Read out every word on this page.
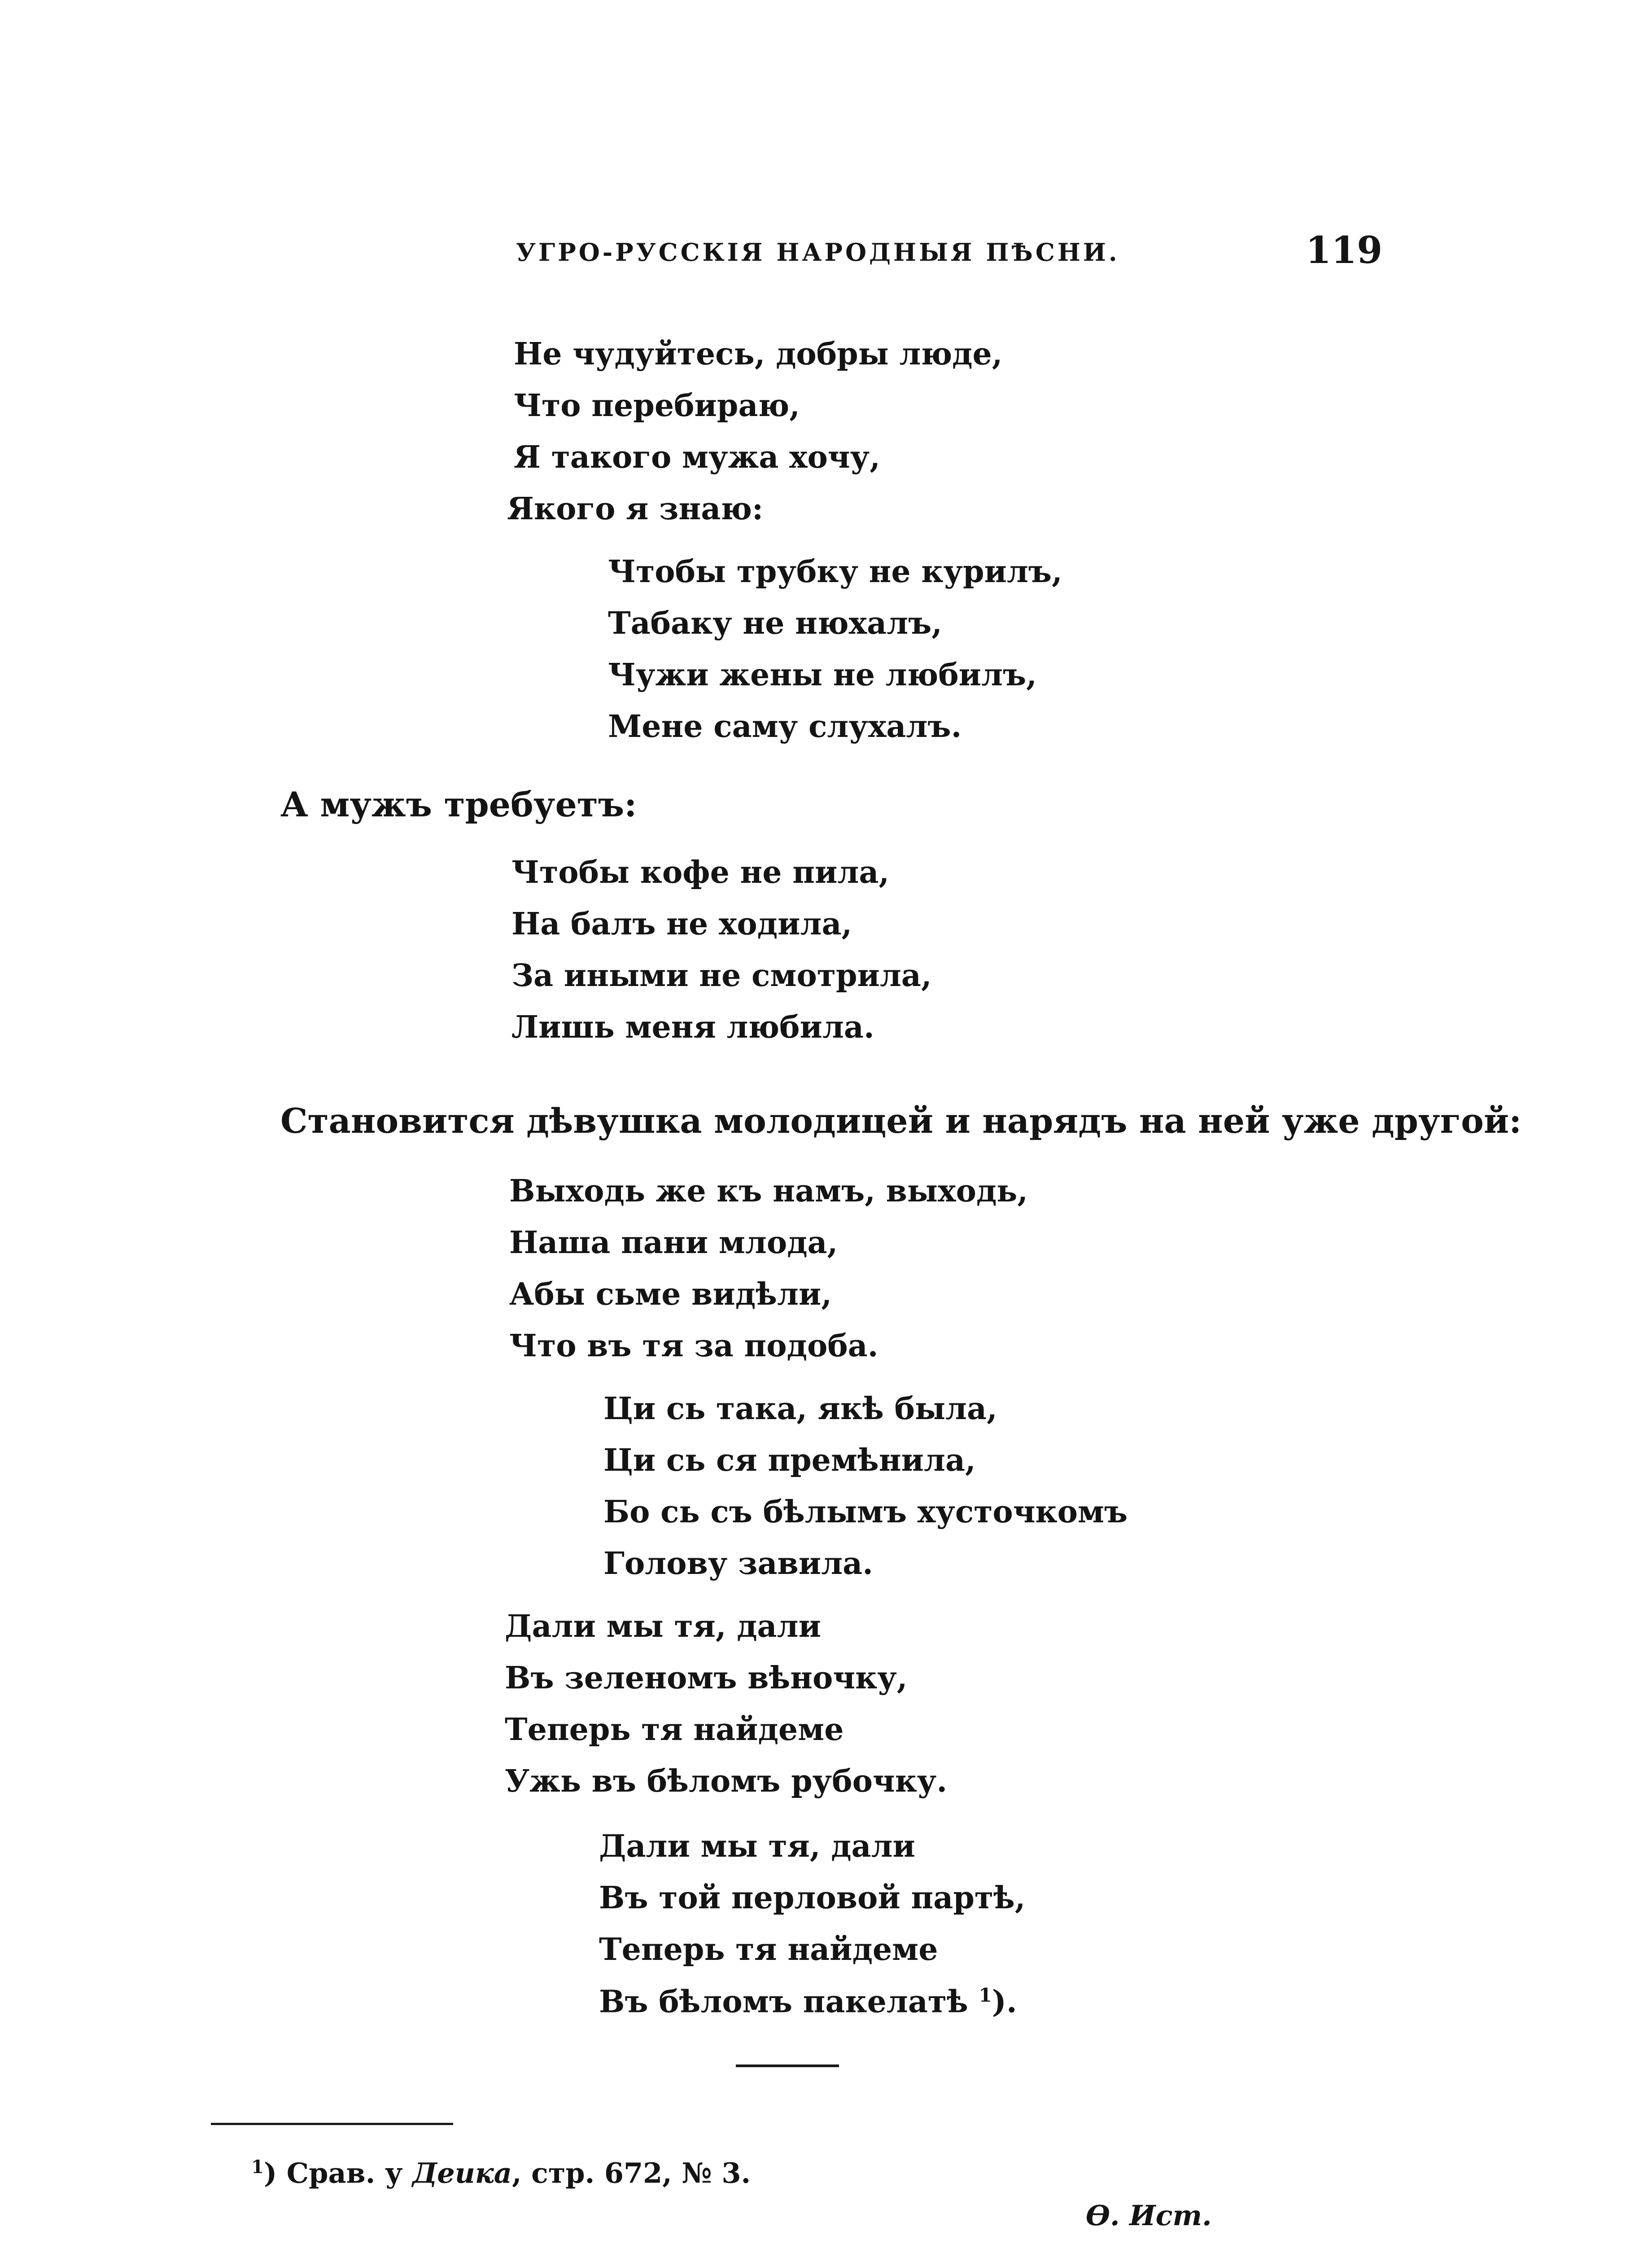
УГРО-РУССКІЯ НАРОДНЫЯ ПѢСНИ.	119
Не чудуйтесь, добры люде,
Что перебираю,
Я такого мужа хочу,
Якого я знаю:
Чтобы трубку не курилъ,
Табаку не нюхалъ,
Чужи жены не любилъ,
Мене саму слухалъ.
А мужъ требуетъ:
Чтобы кофе не пила,
На балъ не ходила,
За иными не смотрила,
Лишь меня любила.
Становится дѣвушка молодицей и нарядъ на ней уже другой:
Выходь же къ намъ, выходь,
Наша пани млода,
Абы сьме видѣли,
Что въ тя за подоба.
Ци сь така, якѣ была,
Ци сь ся премѣнила,
Бо сь съ бѣлымъ хусточкомъ
Голову завила.
Дали мы тя, дали
Въ зеленомъ вѣночку,
Теперь тя найдеме
Ужь въ бѣломъ рубочку.
Дали мы тя, дали
Въ той перловой партѣ,
Теперь тя найдеме
Въ бѣломъ пакелатѣ $^1$).
$^1$) Срав. у Деика, стр. 672, № 3.
Ѳ. Ист.
